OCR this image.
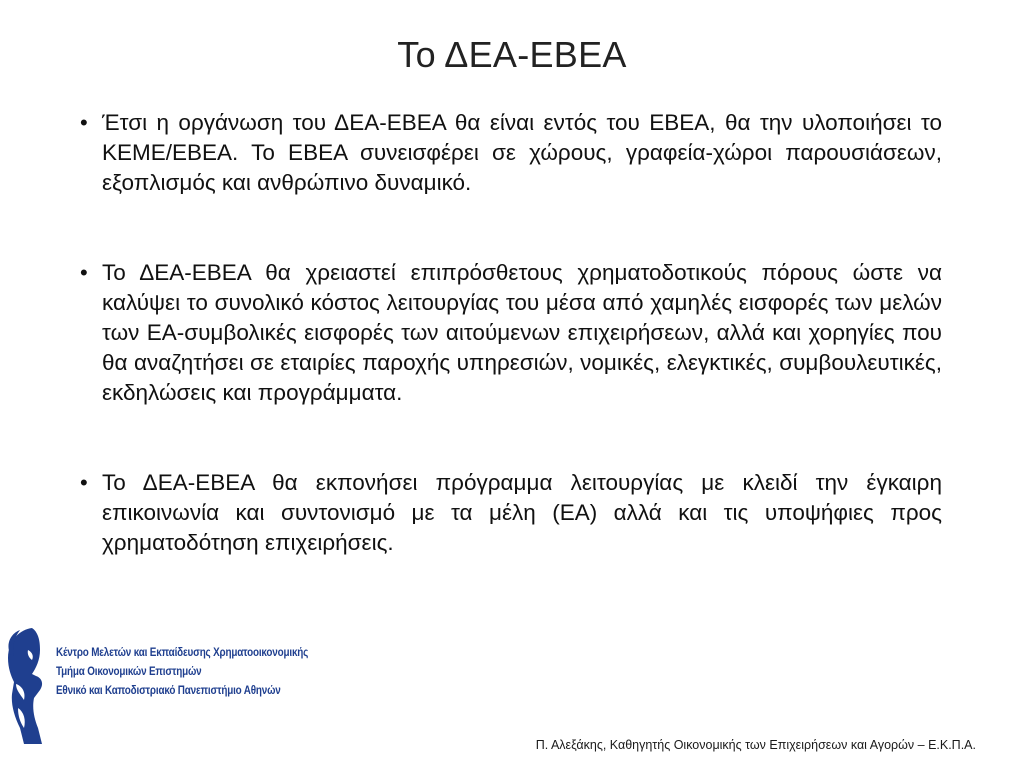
Το ΔΕΑ-ΕΒΕΑ
• Έτσι η οργάνωση του ΔΕΑ-ΕΒΕΑ θα είναι εντός του ΕΒΕΑ, θα την υλοποιήσει το ΚΕΜΕ/ΕΒΕΑ. Το ΕΒΕΑ συνεισφέρει σε χώρους, γραφεία-χώροι παρουσιάσεων, εξοπλισμός και ανθρώπινο δυναμικό.
• Το ΔΕΑ-ΕΒΕΑ θα χρειαστεί επιπρόσθετους χρηματοδοτικούς πόρους ώστε να καλύψει το συνολικό κόστος λειτουργίας του μέσα από χαμηλές εισφορές των μελών των ΕΑ-συμβολικές εισφορές των αιτούμενων επιχειρήσεων, αλλά και χορηγίες που θα αναζητήσει σε εταιρίες παροχής υπηρεσιών, νομικές, ελεγκτικές, συμβουλευτικές, εκδηλώσεις και προγράμματα.
• Το ΔΕΑ-ΕΒΕΑ θα εκπονήσει πρόγραμμα λειτουργίας με κλειδί την έγκαιρη επικοινωνία και συντονισμό με τα μέλη (ΕΑ) αλλά και τις υποψήφιες προς χρηματοδότηση επιχειρήσεις.
Κέντρο Μελετών και Εκπαίδευσης Χρηματοοικονομικής
Τμήμα Οικονομικών Επιστημών
Εθνικό και Καποδιστριακό Πανεπιστήμιο Αθηνών
Π. Αλεξάκης, Καθηγητής Οικονομικής των Επιχειρήσεων και Αγορών – Ε.Κ.Π.Α.
